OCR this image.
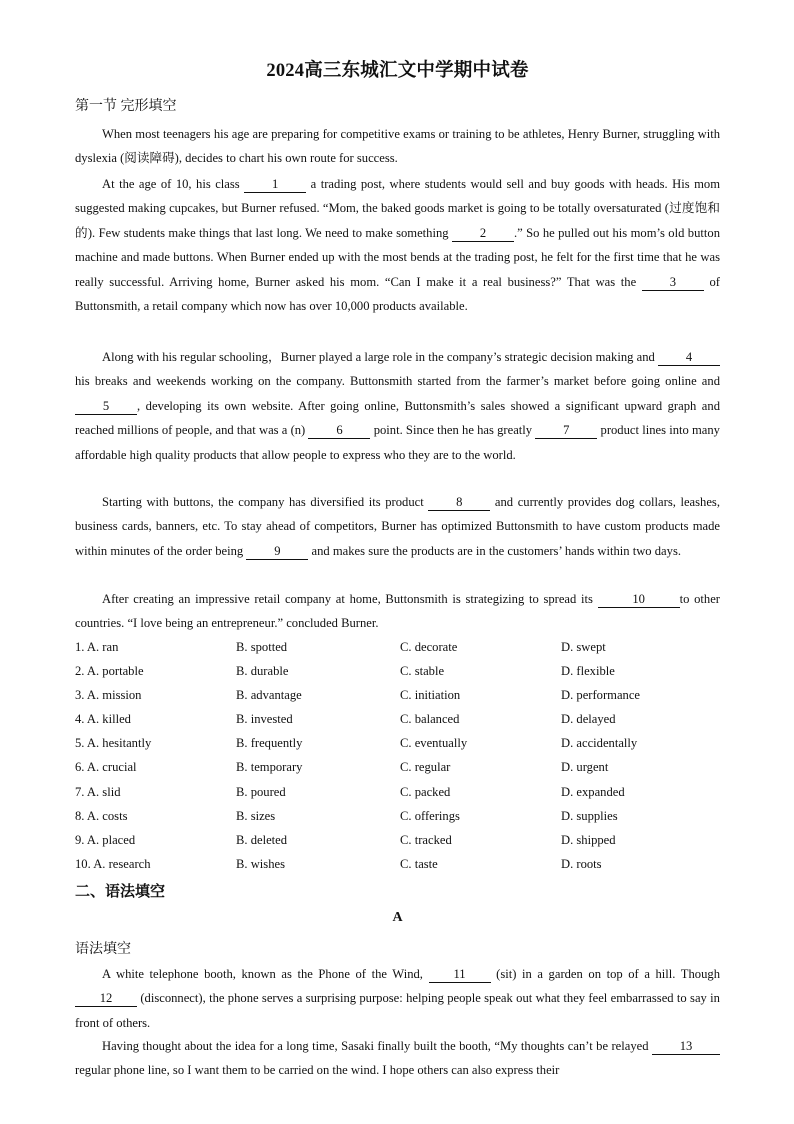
2024高三东城汇文中学期中试卷
第一节 完形填空
When most teenagers his age are preparing for competitive exams or training to be athletes, Henry Burner, struggling with dyslexia (阅读障碍), decides to chart his own route for success.
At the age of 10, his class	1	a trading post, where students would sell and buy goods with heads. His mom suggested making cupcakes, but Burner refused. “Mom, the baked goods market is going to be totally oversaturated (过度饱和的). Few students make things that last long. We need to make something 2 .” So he pulled out his mom’s old button machine and made buttons. When Burner ended up with the most bends at the trading post, he felt for the first time that he was really successful. Arriving home, Burner asked his mom. “Can I make it a real business?” That was the	3	of Buttonsmith, a retail company which now has over 10,000 products available.
Along with his regular schooling，Burner played a large role in the company’s strategic decision making and 4 his breaks and weekends working on the company. Buttonsmith started from the farmer’s market before going online and5 , developing its own website. After going online, Buttonsmith’s sales showed a significant upward graph and reached millions of people, and that was a (n) 6 point. Since then he has greatly 7 product lines into many affordable high quality products that allow people to express who they are to the world.
Starting with buttons, the company has diversified its product	8	and currently provides dog collars, leashes, business cards, banners, etc. To stay ahead of competitors, Burner has optimized Buttonsmith to have custom products made within minutes of the order being 9 and makes sure the products are in the customers’ hands within two days.
After creating an impressive retail company at home, Buttonsmith is strategizing to spread its	10	to other countries. “I love being an entrepreneur.” concluded Burner.
1. A. ran	B. spotted	C. decorate	D. swept
2. A. portable	B. durable	C. stable	D. flexible
3. A. mission	B. advantage	C. initiation	D. performance
4. A. killed	B. invested	C. balanced	D. delayed
5. A. hesitantly	B. frequently	C. eventually	D. accidentally
6. A. crucial	B. temporary	C. regular	D. urgent
7. A. slid	B. poured	C. packed	D. expanded
8. A. costs	B. sizes	C. offerings	D. supplies
9. A. placed	B. deleted	C. tracked	D. shipped
10. A. research	B. wishes	C. taste	D. roots
二、语法填空
A
语法填空
A white telephone booth, known as the Phone of the Wind, 11 (sit) in a garden on top of a hill. Though 12 (disconnect), the phone serves a surprising purpose: helping people speak out what they feel embarrassed to say in front of others.
Having thought about the idea for a long time, Sasaki finally built the booth, “My thoughts can’t be relayed 13 regular phone line, so I want them to be carried on the wind. I hope others can also express their
